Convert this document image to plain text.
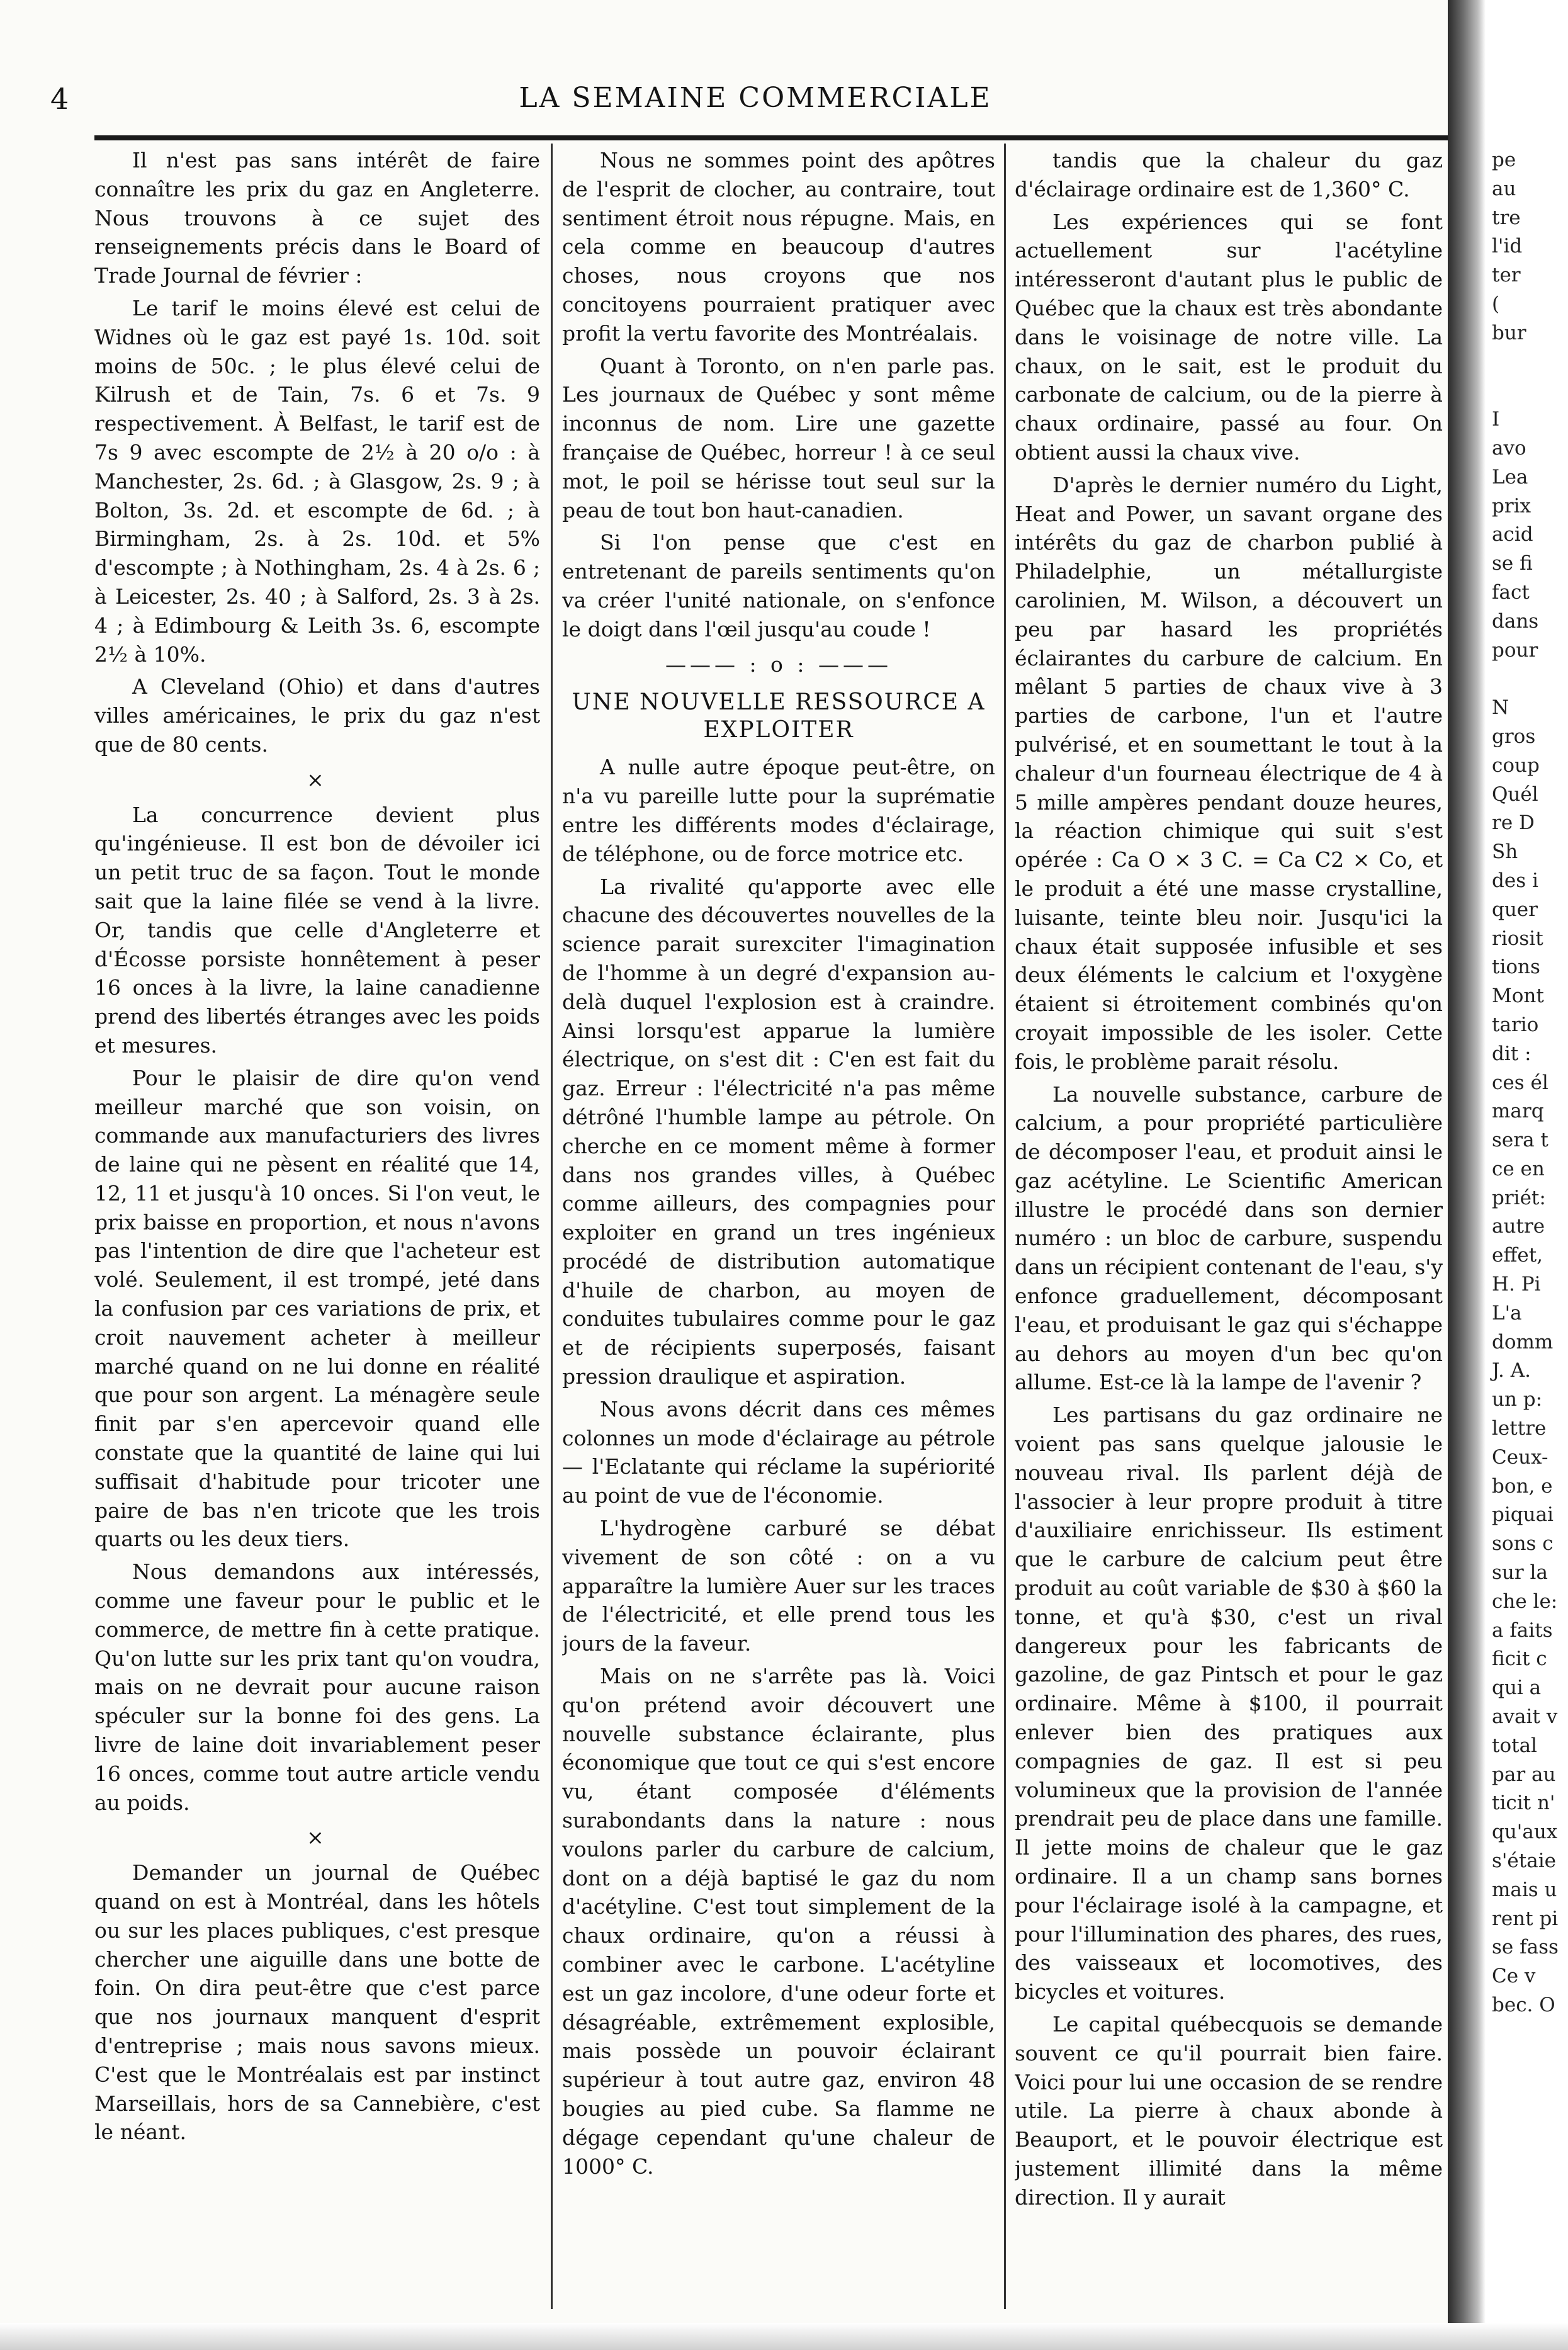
4	LA SEMAINE COMMERCIALE

Il n'est pas sans intérêt de faire connaître les prix du gaz en Angleterre. Nous trouvons à ce sujet des renseignements précis dans le Board of Trade Journal de février :

Le tarif le moins élevé est celui de Widnes où le gaz est payé 1s. 10d. soit moins de 50c. ; le plus élevé celui de Kilrush et de Tain, 7s. 6 et 7s. 9 respectivement. À Belfast, le tarif est de 7s 9 avec escompte de 2½ à 20 o/o : à Manchester, 2s. 6d. ; à Glasgow, 2s. 9 ; à Bolton, 3s. 2d. et escompte de 6d. ; à Birmingham, 2s. à 2s. 10d. et 5% d'escompte ; à Nothingham, 2s. 4 à 2s. 6 ; à Leicester, 2s. 40 ; à Salford, 2s. 3 à 2s. 4 ; à Edimbourg & Leith 3s. 6, escompte 2½ à 10%.

A Cleveland (Ohio) et dans d'autres villes américaines, le prix du gaz n'est que de 80 cents.

×

La concurrence devient plus qu'ingénieuse. Il est bon de dévoiler ici un petit truc de sa façon. Tout le monde sait que la laine filée se vend à la livre. Or, tandis que celle d'Angleterre et d'Écosse porsiste honnêtement à peser 16 onces à la livre, la laine canadienne prend des libertés étranges avec les poids et mesures.

Pour le plaisir de dire qu'on vend meilleur marché que son voisin, on commande aux manufacturiers des livres de laine qui ne pèsent en réalité que 14, 12, 11 et jusqu'à 10 onces. Si l'on veut, le prix baisse en proportion, et nous n'avons pas l'intention de dire que l'acheteur est volé. Seulement, il est trompé, jeté dans la confusion par ces variations de prix, et croit nauvement acheter à meilleur marché quand on ne lui donne en réalité que pour son argent. La ménagère seule finit par s'en apercevoir quand elle constate que la quantité de laine qui lui suffisait d'habitude pour tricoter une paire de bas n'en tricote que les trois quarts ou les deux tiers.

Nous demandons aux intéressés, comme une faveur pour le public et le commerce, de mettre fin à cette pratique. Qu'on lutte sur les prix tant qu'on voudra, mais on ne devrait pour aucune raison spéculer sur la bonne foi des gens. La livre de laine doit invariablement peser 16 onces, comme tout autre article vendu au poids.

×

Demander un journal de Québec quand on est à Montréal, dans les hôtels ou sur les places publiques, c'est presque chercher une aiguille dans une botte de foin. On dira peut-être que c'est parce que nos journaux manquent d'esprit d'entreprise ; mais nous savons mieux. C'est que le Montréalais est par instinct Marseillais, hors de sa Cannebière, c'est le néant.

Nous ne sommes point des apôtres de l'esprit de clocher, au contraire, tout sentiment étroit nous répugne. Mais, en cela comme en beaucoup d'autres choses, nous croyons que nos concitoyens pourraient pratiquer avec profit la vertu favorite des Montréalais.

Quant à Toronto, on n'en parle pas. Les journaux de Québec y sont même inconnus de nom. Lire une gazette française de Québec, horreur ! à ce seul mot, le poil se hérisse tout seul sur la peau de tout bon haut-canadien.

Si l'on pense que c'est en entretenant de pareils sentiments qu'on va créer l'unité nationale, on s'enfonce le doigt dans l'œil jusqu'au coude !

——— : o : ———
UNE NOUVELLE RESSOURCE A
EXPLOITER

A nulle autre époque peut-être, on n'a vu pareille lutte pour la suprématie entre les différents modes d'éclairage, de téléphone, ou de force motrice etc.

La rivalité qu'apporte avec elle chacune des découvertes nouvelles de la science parait surexciter l'imagination de l'homme à un degré d'expansion au-delà duquel l'explosion est à craindre. Ainsi lorsqu'est apparue la lumière électrique, on s'est dit : C'en est fait du gaz. Erreur : l'électricité n'a pas même détrôné l'humble lampe au pétrole. On cherche en ce moment même à former dans nos grandes villes, à Québec comme ailleurs, des compagnies pour exploiter en grand un tres ingénieux procédé de distribution automatique d'huile de charbon, au moyen de conduites tubulaires comme pour le gaz et de récipients superposés, faisant pression draulique et aspiration.

Nous avons décrit dans ces mêmes colonnes un mode d'éclairage au pétrole — l'Eclatante qui réclame la supériorité au point de vue de l'économie.

L'hydrogène carburé se débat vivement de son côté : on a vu apparaître la lumière Auer sur les traces de l'électricité, et elle prend tous les jours de la faveur.

Mais on ne s'arrête pas là. Voici qu'on prétend avoir découvert une nouvelle substance éclairante, plus économique que tout ce qui s'est encore vu, étant composée d'éléments surabondants dans la nature : nous voulons parler du carbure de calcium, dont on a déjà baptisé le gaz du nom d'acétyline. C'est tout simplement de la chaux ordinaire, qu'on a réussi à combiner avec le carbone. L'acétyline est un gaz incolore, d'une odeur forte et désagréable, extrêmement explosible, mais possède un pouvoir éclairant supérieur à tout autre gaz, environ 48 bougies au pied cube. Sa flamme ne dégage cependant qu'une chaleur de 1000° C.

tandis que la chaleur du gaz d'éclairage ordinaire est de 1,360° C.

Les expériences qui se font actuellement sur l'acétyline intéresseront d'autant plus le public de Québec que la chaux est très abondante dans le voisinage de notre ville. La chaux, on le sait, est le produit du carbonate de calcium, ou de la pierre à chaux ordinaire, passé au four. On obtient aussi la chaux vive.

D'après le dernier numéro du Light, Heat and Power, un savant organe des intérêts du gaz de charbon publié à Philadelphie, un métallurgiste carolinien, M. Wilson, a découvert un peu par hasard les propriétés éclairantes du carbure de calcium. En mêlant 5 parties de chaux vive à 3 parties de carbone, l'un et l'autre pulvérisé, et en soumettant le tout à la chaleur d'un fourneau électrique de 4 à 5 mille ampères pendant douze heures, la réaction chimique qui suit s'est opérée : Ca O × 3 C. = Ca C2 × Co, et le produit a été une masse crystalline, luisante, teinte bleu noir. Jusqu'ici la chaux était supposée infusible et ses deux éléments le calcium et l'oxygène étaient si étroitement combinés qu'on croyait impossible de les isoler. Cette fois, le problème parait résolu.

La nouvelle substance, carbure de calcium, a pour propriété particulière de décomposer l'eau, et produit ainsi le gaz acétyline. Le Scientific American illustre le procédé dans son dernier numéro : un bloc de carbure, suspendu dans un récipient contenant de l'eau, s'y enfonce graduellement, décomposant l'eau, et produisant le gaz qui s'échappe au dehors au moyen d'un bec qu'on allume. Est-ce là la lampe de l'avenir ?

Les partisans du gaz ordinaire ne voient pas sans quelque jalousie le nouveau rival. Ils parlent déjà de l'associer à leur propre produit à titre d'auxiliaire enrichisseur. Ils estiment que le carbure de calcium peut être produit au coût variable de $30 à $60 la tonne, et qu'à $30, c'est un rival dangereux pour les fabricants de gazoline, de gaz Pintsch et pour le gaz ordinaire. Même à $100, il pourrait enlever bien des pratiques aux compagnies de gaz. Il est si peu volumineux que la provision de l'année prendrait peu de place dans une famille. Il jette moins de chaleur que le gaz ordinaire. Il a un champ sans bornes pour l'éclairage isolé à la campagne, et pour l'illumination des phares, des rues, des vaisseaux et locomotives, des bicycles et voitures.

Le capital québecquois se demande souvent ce qu'il pourrait bien faire. Voici pour lui une occasion de se rendre utile. La pierre à chaux abonde à Beauport, et le pouvoir électrique est justement illimité dans la même direction. Il y aurait

pe
au
tre
l'id
ter
(
bur
I
avo
Lea
prix
acid
se fi
fact
dans
pour
N
gros
coup
Quél
re D
Sh
des i
quer
riosit
tions
Mont
tario
dit :
ces él
marq
sera t
ce en
priét:
autre
effet,
H. Pi
L'a
domm
J. A.
un p:
lettre
Ceux-
bon, e
piquai
sons c
sur la
che le:
a faits
ficit c
qui a
avait v
total
par au
ticit n'
qu'aux
s'étaie
mais u
rent pi
se fass
Ce v
bec. O
